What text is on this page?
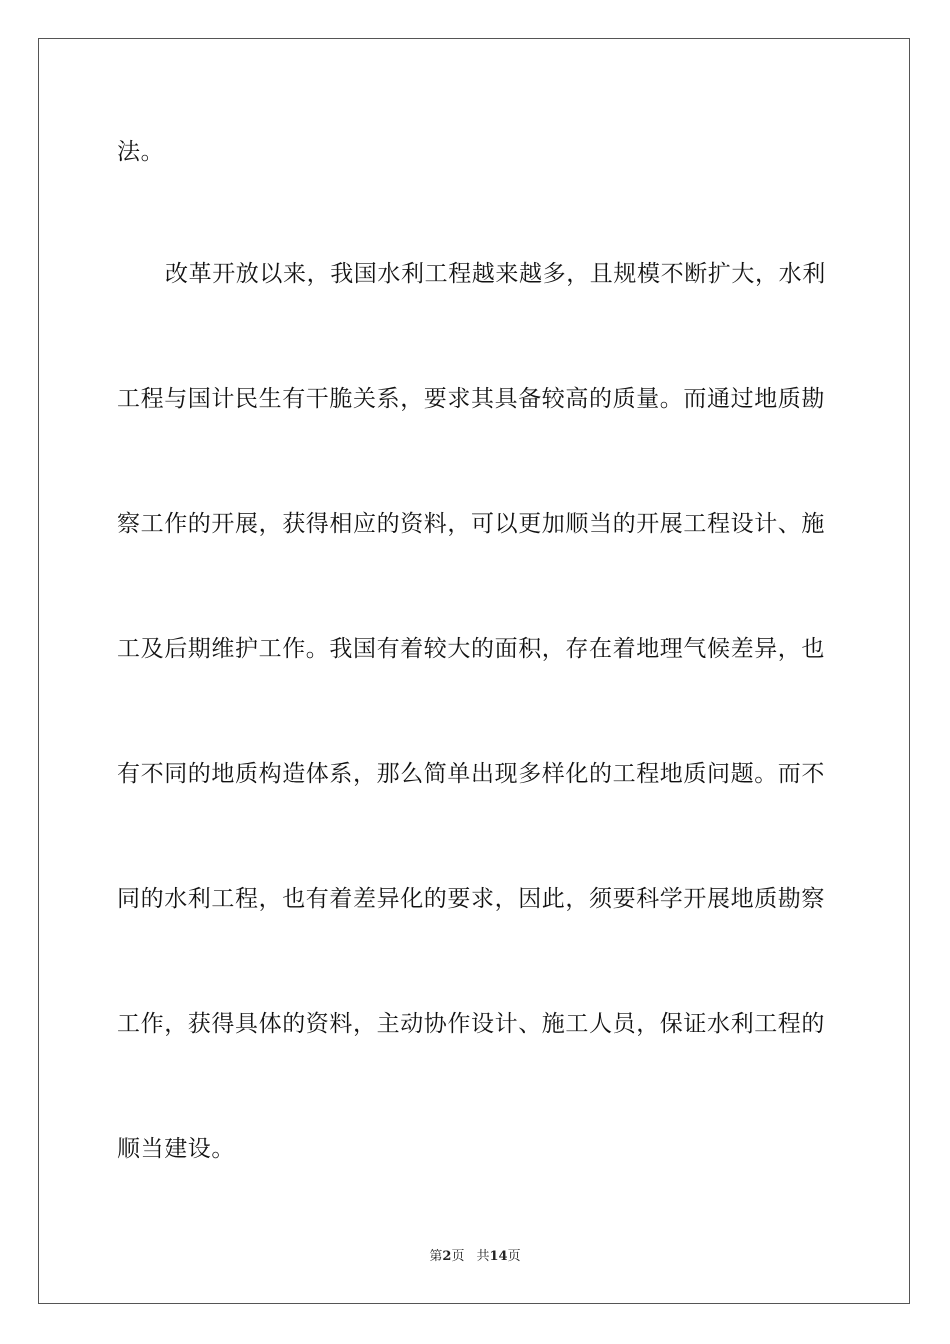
法。
改革开放以来，我国水利工程越来越多，且规模不断扩大，水利
工程与国计民生有干脆关系，要求其具备较高的质量。而通过地质勘
察工作的开展，获得相应的资料，可以更加顺当的开展工程设计、施
工及后期维护工作。我国有着较大的面积，存在着地理气候差异，也
有不同的地质构造体系，那么简单出现多样化的工程地质问题。而不
同的水利工程，也有着差异化的要求，因此，须要科学开展地质勘察
工作，获得具体的资料，主动协作设计、施工人员，保证水利工程的
顺当建设。
第2页 共14页
